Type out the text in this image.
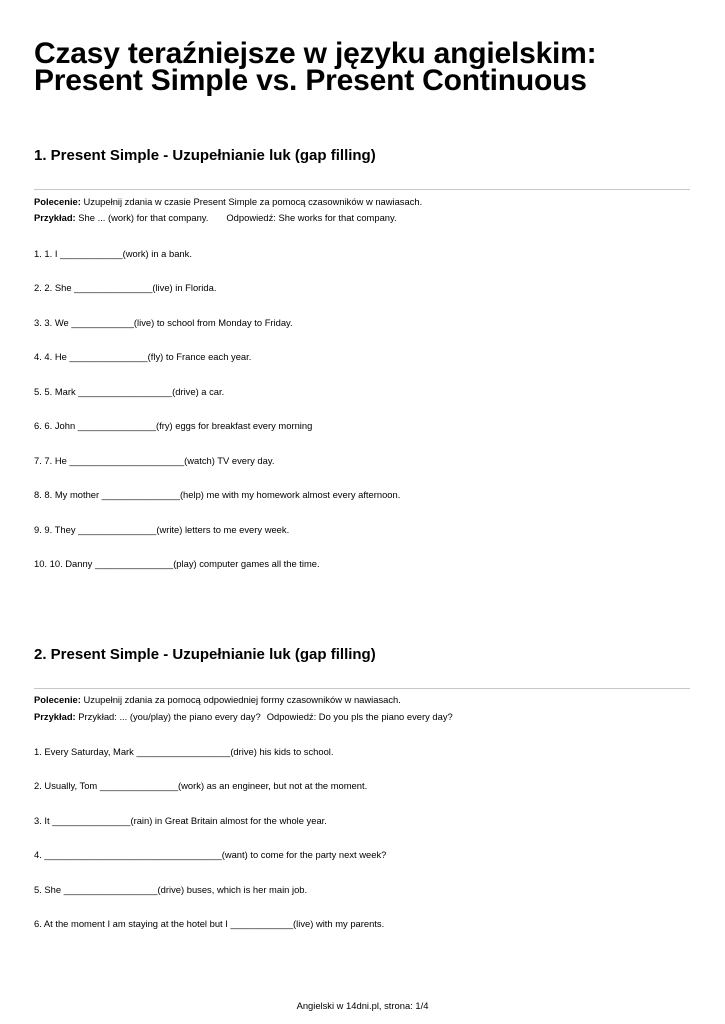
Czasy teraźniejsze w języku angielskim:
Present Simple vs. Present Continuous
1. Present Simple - Uzupełnianie luk (gap filling)
Polecenie: Uzupełnij zdania w czasie Present Simple za pomocą czasowników w nawiasach.
Przykład: She ... (work) for that company. Odpowiedź: She works for that company.
1. 1. I ____________(work) in a bank.
2. 2. She _______________(live) in Florida.
3. 3. We ____________(live) to school from Monday to Friday.
4. 4. He _______________(fly) to France each year.
5. 5. Mark __________________(drive) a car.
6. 6. John _______________(fry) eggs for breakfast every morning
7. 7. He ______________________(watch) TV every day.
8. 8. My mother _______________(help) me with my homework almost every afternoon.
9. 9. They _______________(write) letters to me every week.
10. 10. Danny _______________(play) computer games all the time.
2. Present Simple - Uzupełnianie luk (gap filling)
Polecenie: Uzupełnij zdania za pomocą odpowiedniej formy czasowników w nawiasach.
Przykład: Przykład: ... (you/play) the piano every day? Odpowiedź: Do you pls the piano every day?
1. Every Saturday, Mark __________________(drive) his kids to school.
2. Usually, Tom _______________(work) as an engineer, but not at the moment.
3. It _______________(rain) in Great Britain almost for the whole year.
4. __________________________________(want) to come for the party next week?
5. She __________________(drive) buses, which is her main job.
6. At the moment I am staying at the hotel but I ____________(live) with my parents.
Angielski w 14dni.pl, strona: 1/4
